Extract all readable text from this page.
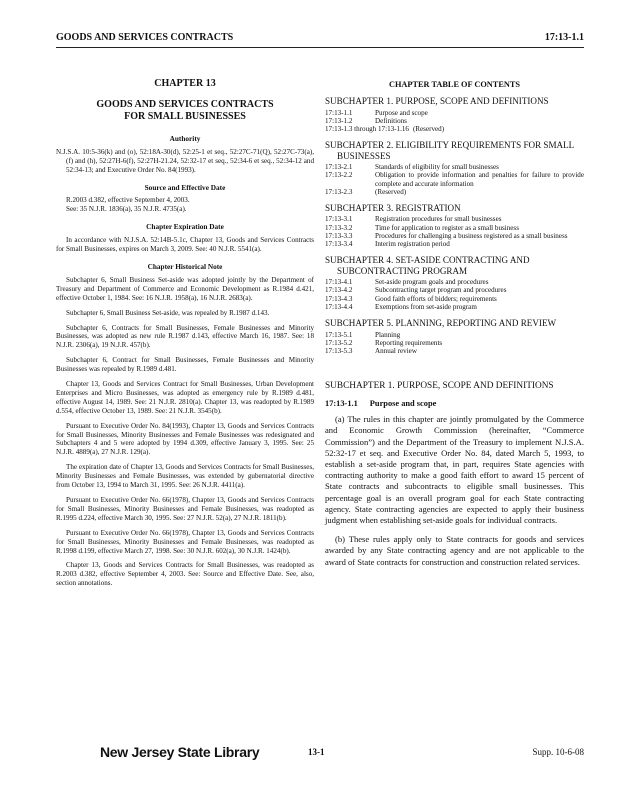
GOODS AND SERVICES CONTRACTS	17:13-1.1
CHAPTER 13
GOODS AND SERVICES CONTRACTS
FOR SMALL BUSINESSES
Authority

N.J.S.A. 10:5-36(k) and (o), 52:18A-30(d), 52:25-1 et seq., 52:27C-71(Q), 52:27C-73(a), (f) and (h), 52:27H-6(f), 52:27H-21.24, 52:32-17 et seq., 52:34-6 et seq., 52:34-12 and 52:34-13; and Executive Order No. 84(1993).

Source and Effective Date

R.2003 d.382, effective September 4, 2003.
See: 35 N.J.R. 1836(a), 35 N.J.R. 4735(a).

Chapter Expiration Date

In accordance with N.J.S.A. 52:14B-5.1c, Chapter 13, Goods and Services Contracts for Small Businesses, expires on March 3, 2009. See: 40 N.J.R. 5541(a).

Chapter Historical Note

Subchapter 6, Small Business Set-aside was adopted jointly by the Department of Treasury and Department of Commerce and Economic Development as R.1984 d.421, effective October 1, 1984. See: 16 N.J.R. 1958(a), 16 N.J.R. 2683(a).

Subchapter 6, Small Business Set-aside, was repealed by R.1987 d.143.

Subchapter 6, Contracts for Small Businesses, Female Businesses and Minority Businesses, was adopted as new rule R.1987 d.143, effective March 16, 1987. See: 18 N.J.R. 2306(a), 19 N.J.R. 457(b).

Subchapter 6, Contract for Small Businesses, Female Businesses and Minority Businesses was repealed by R.1989 d.481.

Chapter 13, Goods and Services Contract for Small Businesses, Urban Development Enterprises and Micro Businesses, was adopted as emergency rule by R.1989 d.481, effective August 14, 1989. See: 21 N.J.R. 2810(a). Chapter 13, was readopted by R.1989 d.554, effective October 13, 1989. See: 21 N.J.R. 3545(b).

Pursuant to Executive Order No. 84(1993), Chapter 13, Goods and Services Contracts for Small Businesses, Minority Businesses and Female Businesses was redesignated and Subchapters 4 and 5 were adopted by 1994 d.309, effective January 3, 1995. See: 25 N.J.R. 4889(a), 27 N.J.R. 129(a).

The expiration date of Chapter 13, Goods and Services Contracts for Small Businesses, Minority Businesses and Female Businesses, was extended by gubernatorial directive from October 13, 1994 to March 31, 1995. See: 26 N.J.R. 4411(a).

Pursuant to Executive Order No. 66(1978), Chapter 13, Goods and Services Contracts for Small Businesses, Minority Businesses and Female Businesses, was readopted as R.1995 d.224, effective March 30, 1995. See: 27 N.J.R. 52(a), 27 N.J.R. 1811(b).

Pursuant to Executive Order No. 66(1978), Chapter 13, Goods and Services Contracts for Small Businesses, Minority Businesses and Female Businesses, was readopted as R.1998 d.199, effective March 27, 1998. See: 30 N.J.R. 602(a), 30 N.J.R. 1424(b).

Chapter 13, Goods and Services Contracts for Small Businesses, was readopted as R.2003 d.382, effective September 4, 2003. See: Source and Effective Date. See, also, section annotations.

CHAPTER TABLE OF CONTENTS
SUBCHAPTER 1. PURPOSE, SCOPE AND DEFINITIONS
17:13-1.1	Purpose and scope
17:13-1.2	Definitions
17:13-1.3 through 17:13-1.16 (Reserved)
SUBCHAPTER 2. ELIGIBILITY REQUIREMENTS FOR SMALL BUSINESSES
17:13-2.1	Standards of eligibility for small businesses
17:13-2.2	Obligation to provide information and penalties for failure to provide complete and accurate information
17:13-2.3	(Reserved)
SUBCHAPTER 3. REGISTRATION
17:13-3.1	Registration procedures for small businesses
17:13-3.2	Time for application to register as a small business
17:13-3.3	Procedures for challenging a business registered as a small business
17:13-3.4	Interim registration period
SUBCHAPTER 4. SET-ASIDE CONTRACTING AND SUBCONTRACTING PROGRAM
17:13-4.1	Set-aside program goals and procedures
17:13-4.2	Subcontracting target program and procedures
17:13-4.3	Good faith efforts of bidders; requirements
17:13-4.4	Exemptions from set-aside program
SUBCHAPTER 5. PLANNING, REPORTING AND REVIEW
17:13-5.1	Planning
17:13-5.2	Reporting requirements
17:13-5.3	Annual review
SUBCHAPTER 1. PURPOSE, SCOPE AND DEFINITIONS
17:13-1.1 Purpose and scope

(a) The rules in this chapter are jointly promulgated by the Commerce and Economic Growth Commission (hereinafter, “Commerce Commission”) and the Department of the Treasury to implement N.J.S.A. 52:32-17 et seq. and Executive Order No. 84, dated March 5, 1993, to establish a set-aside program that, in part, requires State agencies with contracting authority to make a good faith effort to award 15 percent of State contracts and subcontracts to eligible small businesses. This percentage goal is an overall program goal for each State contracting agency. State contracting agencies are expected to apply their business judgment when establishing set-aside goals for individual contracts.

(b) These rules apply only to State contracts for goods and services awarded by any State contracting agency and are not applicable to the award of State contracts for construction and construction related services.

New Jersey State Library	13-1	Supp. 10-6-08
